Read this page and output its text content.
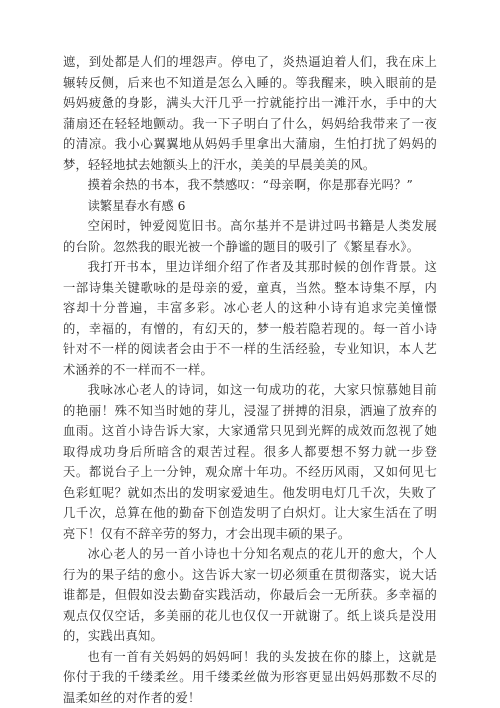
遮，到处都是人们的埋怨声。停电了，炎热逼迫着人们，我在床上辗转反侧，后来也不知道是怎么入睡的。等我醒来，映入眼前的是妈妈疲惫的身影，满头大汗几乎一拧就能拧出一滩汗水，手中的大蒲扇还在轻轻地颤动。我一下子明白了什么，妈妈给我带来了一夜的清凉。我小心翼翼地从妈妈手里拿出大蒲扇，生怕打扰了妈妈的梦，轻轻地拭去她额头上的汗水，美美的早晨美美的风。

摸着余热的书本，我不禁感叹：“母亲啊，你是那春光吗？”

读繁星春水有感 6

空闲时，钟爱阅览旧书。高尔基并不是讲过吗书籍是人类发展的台阶。忽然我的眼光被一个静谧的题目的吸引了《繁星春水》。

我打开书本，里边详细介绍了作者及其那时候的创作背景。这一部诗集关键歌咏的是母亲的爱，童真，当然。整本诗集不厚，内容却十分普遍，丰富多彩。冰心老人的这种小诗有追求完美憧憬的，幸福的，有憎的，有幻天的，梦一般若隐若现的。每一首小诗针对不一样的阅读者会由于不一样的生活经验，专业知识，本人艺术涵养的不一样而不一样。

我咏冰心老人的诗词，如这一句成功的花，大家只惊慕她目前的艳丽！殊不知当时她的芽儿，浸湿了拼搏的泪泉，洒遍了放弃的血雨。这首小诗告诉大家，大家通常只见到光辉的成效而忽视了她取得成功身后所暗含的艰苦过程。很多人都要想不努力就一步登天。都说台子上一分钟，观众席十年功。不经历风雨，又如何见七色彩虹呢？就如杰出的发明家爱迪生。他发明电灯几千次，失败了几千次，总算在他的勤奋下创造发明了白炽灯。让大家生活在了明亮下！仅有不辞辛劳的努力，才会出现丰硕的果子。

冰心老人的另一首小诗也十分知名观点的花儿开的愈大，个人行为的果子结的愈小。这告诉大家一切必须重在贯彻落实，说大话谁都是，但假如没去勤奋实践活动，你最后会一无所获。多幸福的观点仅仅空话，多美丽的花儿也仅仅一开就谢了。纸上谈兵是没用的，实践出真知。

也有一首有关妈妈的妈妈呵！我的头发披在你的膝上，这就是你付于我的千缕柔丝。用千缕柔丝做为形容更显出妈妈那数不尽的温柔如丝的对作者的爱！
